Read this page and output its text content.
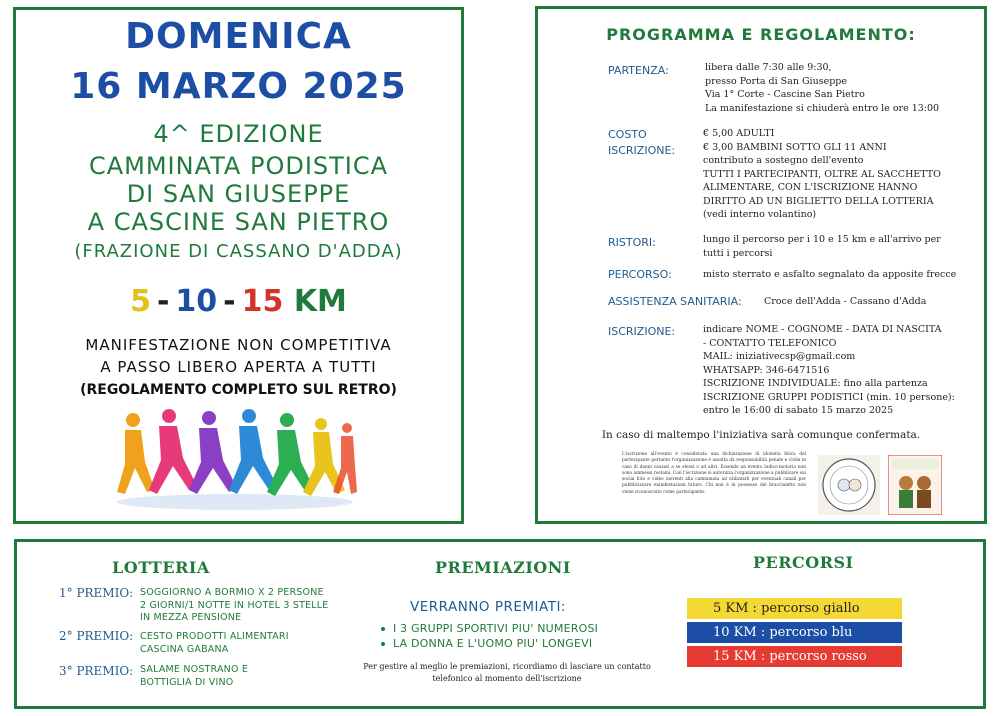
DOMENICA
16 MARZO 2025
4^ EDIZIONE
CAMMINATA PODISTICA
DI SAN GIUSEPPE
A CASCINE SAN PIETRO
(FRAZIONE DI CASSANO D'ADDA)
5 - 10 - 15 KM
MANIFESTAZIONE NON COMPETITIVA
A PASSO LIBERO APERTA A TUTTI
(REGOLAMENTO COMPLETO SUL RETRO)
PROGRAMMA E REGOLAMENTO:
PARTENZA:	libera dalle 7:30 alle 9:30,
presso Porta di San Giuseppe
Via 1° Corte - Cascine San Pietro
La manifestazione si chiuderà entro le ore 13:00
COSTO
ISCRIZIONE:
€ 5,00 ADULTI
€ 3,00 BAMBINI SOTTO GLI 11 ANNI
contributo a sostegno dell'evento
TUTTI I PARTECIPANTI, OLTRE AL SACCHETTO
ALIMENTARE, CON L'ISCRIZIONE HANNO
DIRITTO AD UN BIGLIETTO DELLA LOTTERIA
(vedi interno volantino)
RISTORI:	lungo il percorso per i 10 e 15 km e all'arrivo per
tutti i percorsi
PERCORSO:	misto sterrato e asfalto segnalato da apposite frecce
ASSISTENZA SANITARIA: Croce dell'Adda - Cassano d'Adda
ISCRIZIONE:	indicare NOME - COGNOME - DATA DI NASCITA
- CONTATTO TELEFONICO
MAIL: iniziativecsp@gmail.com
WHATSAPP: 346-6471516
ISCRIZIONE INDIVIDUALE: fino alla partenza
ISCRIZIONE GRUPPI PODISTICI (min. 10 persone):
entro le 16:00 di sabato 15 marzo 2025
In caso di maltempo l'iniziativa sarà comunque confermata.
L'iscrizione all'evento è considerata una dichiarazione di idoneità fisica del partecipante pertanto l'organizzazione è assolta da responsabilità penale e civile in caso di danni causati a se stessi o ad altri. Essendo un evento ludico-motorio non sono ammessi reclami. Con l'iscrizione si autorizza l'organizzazione a pubblicare sui social foto e video inerenti alla camminata ad utilizzarli per eventuali canali per pubblicizzare manifestazioni future. Chi non è in possesso del braccialetto non viene riconosciuto come partecipante.
LOTTERIA
1° PREMIO: SOGGIORNO A BORMIO X 2 PERSONE
2 GIORNI/1 NOTTE IN HOTEL 3 STELLE
IN MEZZA PENSIONE
2° PREMIO: CESTO PRODOTTI ALIMENTARI
CASCINA GABANA
3° PREMIO: SALAME NOSTRANO E
BOTTIGLIA DI VINO
PREMIAZIONI
VERRANNO PREMIATI:
I 3 GRUPPI SPORTIVI PIU' NUMEROSI
LA DONNA E L'UOMO PIU' LONGEVI
Per gestire al meglio le premiazioni, ricordiamo di lasciare un contatto
telefonico al momento dell'iscrizione
PERCORSI
5 KM : percorso giallo
10 KM : percorso blu
15 KM : percorso rosso
